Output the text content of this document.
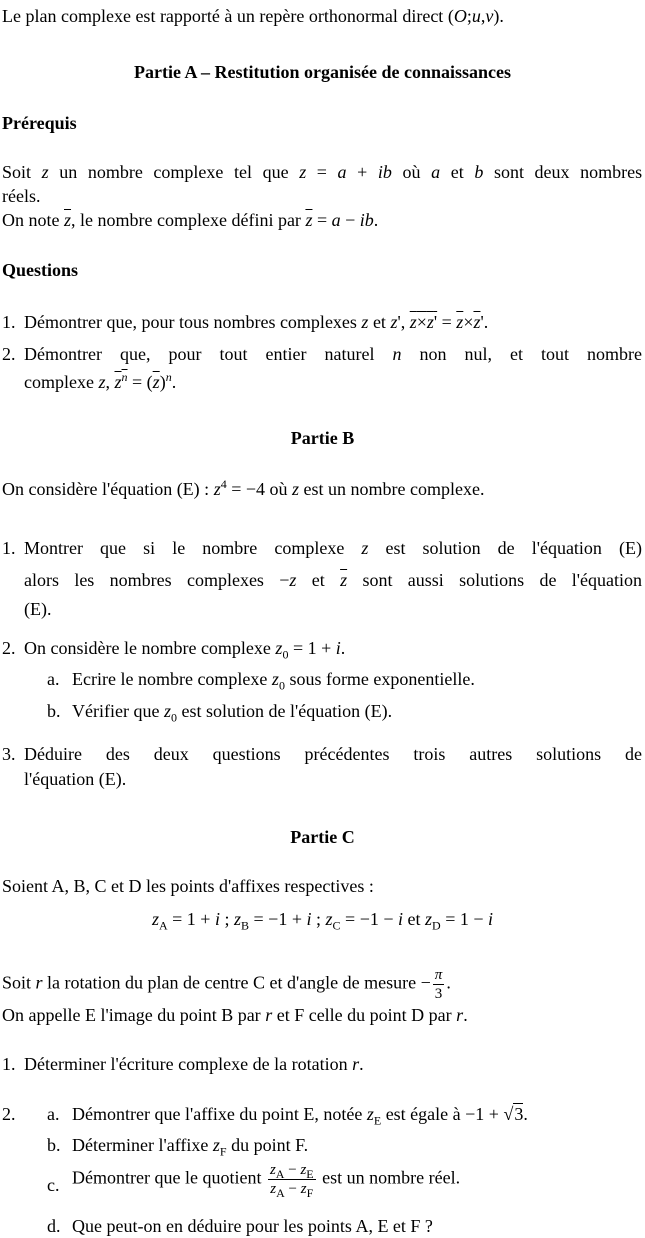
Le plan complexe est rapporté à un repère orthonormal direct (O;u,v).
Partie A – Restitution organisée de connaissances
Prérequis
Soit z un nombre complexe tel que z = a + ib où a et b sont deux nombres
réels.
On note $\overline{z}$, le nombre complexe défini par $\overline{z} = a$ − ib.
Questions
1. Démontrer que, pour tous nombres complexes z et z', $z\times z' = \overline{z}\times\overline{z}'$.
2. Démontrer que, pour tout entier naturel n non nul, et tout nombre
complexe z, $z^n = (\overline{z})^n$.
Partie B
On considère l'équation (E) : $z^4 = -4$ où z est un nombre complexe.
1. Montrer que si le nombre complexe z est solution de l'équation (E)
alors les nombres complexes −z et $\overline{z}$ sont aussi solutions de l'équation
(E).
2. On considère le nombre complexe $z_0 = 1 + i$.
a. Ecrire le nombre complexe $z_0$ sous forme exponentielle.
b. Vérifier que $z_0$ est solution de l'équation (E).
3. Déduire des deux questions précédentes trois autres solutions de
l'équation (E).
Partie C
Soient A, B, C et D les points d'affixes respectives :
$z_A = 1 + i$ ; $z_B = -1 + i$ ; $z_C = -1 - i$ et $z_D = 1 - i$
Soit r la rotation du plan de centre C et d'angle de mesure − $\frac{\pi}{3}$ .
On appelle E l'image du point B par r et F celle du point D par r.
1. Déterminer l'écriture complexe de la rotation r.
2. a. Démontrer que l'affixe du point E, notée $z_E$ est égale à −1 + √3.
b. Déterminer l'affixe $z_F$ du point F.
c. Démontrer que le quotient $\frac{z_A - z_E}{z_A - z_F}$ est un nombre réel.
d. Que peut-on en déduire pour les points A, E et F ?
